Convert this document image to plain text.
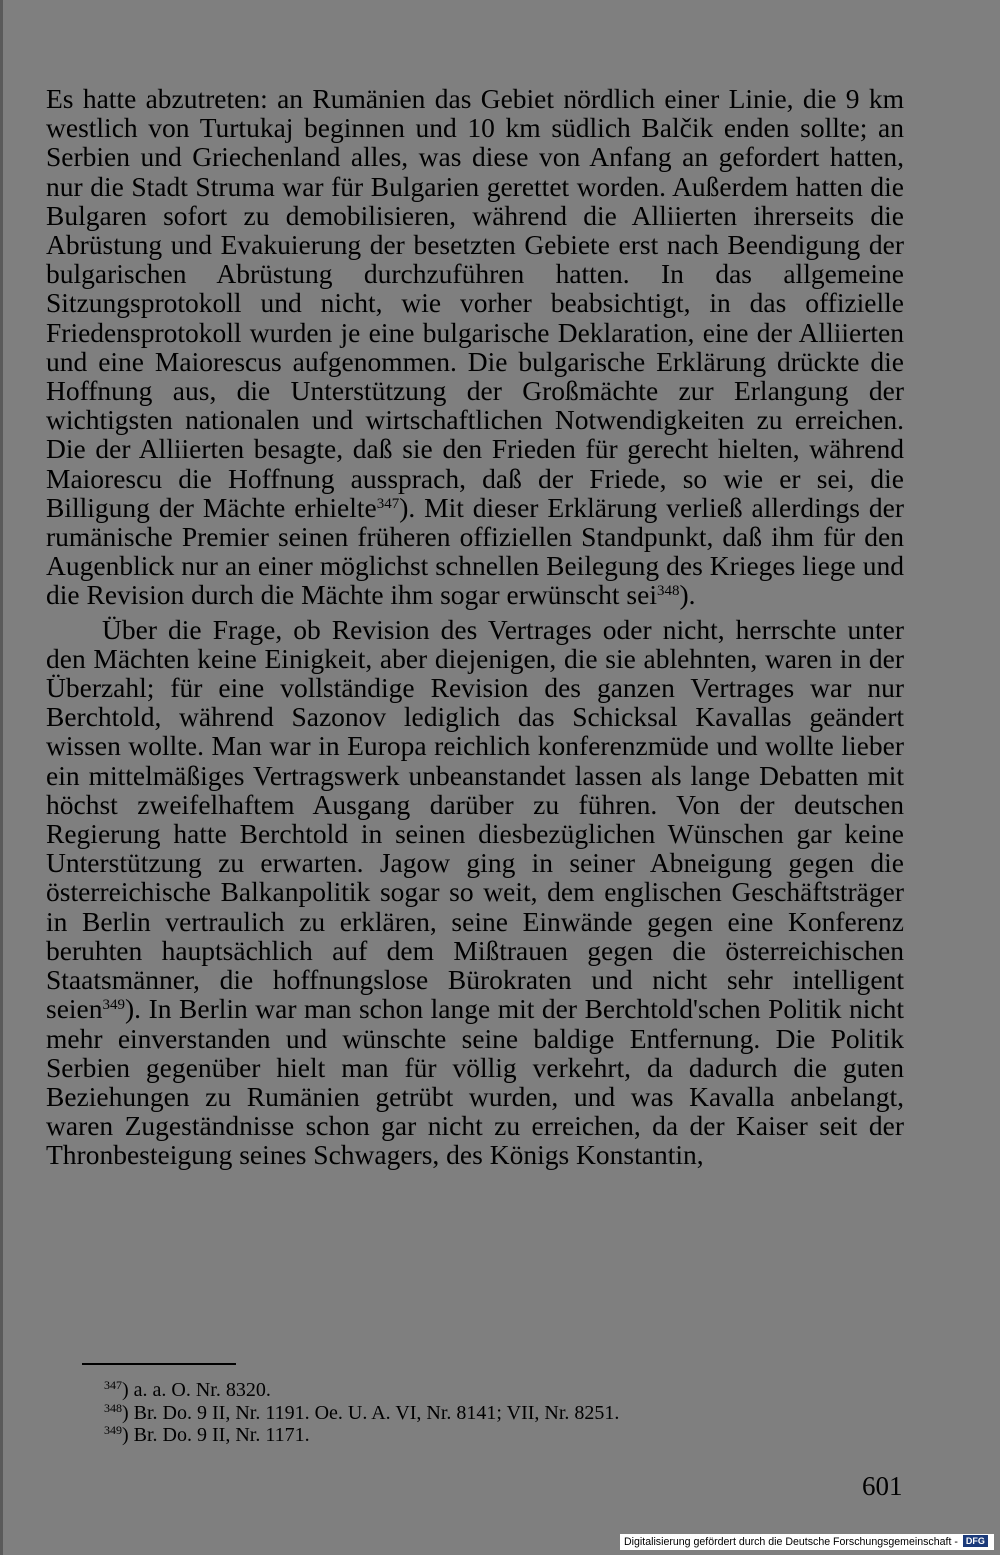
Es hatte abzutreten: an Rumänien das Gebiet nördlich einer Linie, die 9 km westlich von Turtukaj beginnen und 10 km südlich Balčik enden sollte; an Serbien und Griechenland alles, was diese von Anfang an gefordert hatten, nur die Stadt Struma war für Bulgarien gerettet worden. Außerdem hatten die Bulgaren sofort zu demobilisieren, während die Alliierten ihrerseits die Abrüstung und Evakuierung der besetzten Gebiete erst nach Beendigung der bulgarischen Abrüstung durchzuführen hatten. In das allgemeine Sitzungsprotokoll und nicht, wie vorher beabsichtigt, in das offizielle Friedensprotokoll wurden je eine bulgarische Deklaration, eine der Alliierten und eine Maiorescus aufgenommen. Die bulgarische Erklärung drückte die Hoffnung aus, die Unterstützung der Großmächte zur Erlangung der wichtigsten nationalen und wirtschaftlichen Notwendigkeiten zu erreichen. Die der Alliierten besagte, daß sie den Frieden für gerecht hielten, während Maiorescu die Hoffnung aussprach, daß der Friede, so wie er sei, die Billigung der Mächte erhielte$^{347}$). Mit dieser Erklärung verließ allerdings der rumänische Premier seinen früheren offiziellen Standpunkt, daß ihm für den Augenblick nur an einer möglichst schnellen Beilegung des Krieges liege und die Revision durch die Mächte ihm sogar erwünscht sei$^{348}$).

Über die Frage, ob Revision des Vertrages oder nicht, herrschte unter den Mächten keine Einigkeit, aber diejenigen, die sie ablehnten, waren in der Überzahl; für eine vollständige Revision des ganzen Vertrages war nur Berchtold, während Sazonov lediglich das Schicksal Kavallas geändert wissen wollte. Man war in Europa reichlich konferenzmüde und wollte lieber ein mittelmäßiges Vertragswerk unbeanstandet lassen als lange Debatten mit höchst zweifelhaftem Ausgang darüber zu führen. Von der deutschen Regierung hatte Berchtold in seinen diesbezüglichen Wünschen gar keine Unterstützung zu erwarten. Jagow ging in seiner Abneigung gegen die österreichische Balkanpolitik sogar so weit, dem englischen Geschäftsträger in Berlin vertraulich zu erklären, seine Einwände gegen eine Konferenz beruhten hauptsächlich auf dem Mißtrauen gegen die österreichischen Staatsmänner, die hoffnungslose Bürokraten und nicht sehr intelligent seien$^{349}$). In Berlin war man schon lange mit der Berchtold'schen Politik nicht mehr einverstanden und wünschte seine baldige Entfernung. Die Politik Serbien gegenüber hielt man für völlig verkehrt, da dadurch die guten Beziehungen zu Rumänien getrübt wurden, und was Kavalla anbelangt, waren Zugeständnisse schon gar nicht zu erreichen, da der Kaiser seit der Thronbesteigung seines Schwagers, des Königs Konstantin,

$^{347}$) a. a. O. Nr. 8320.

$^{348}$) Br. Do. 9 II, Nr. 1191. Oe. U. A. VI, Nr. 8141; VII, Nr. 8251.

$^{349}$) Br. Do. 9 II, Nr. 1171.

601
Digitalisierung gefördert durch die Deutsche Forschungsgemeinschaft - DFG
